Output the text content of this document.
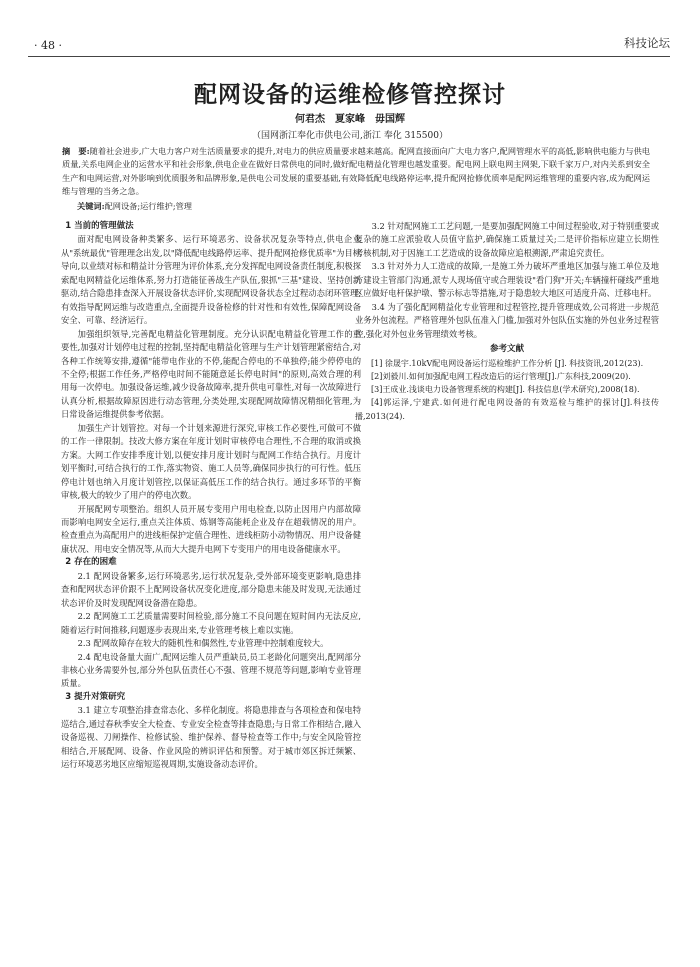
· 48 ·	科技论坛
配网设备的运维检修管控探讨
何君杰　夏家峰　毋国辉
（国网浙江奉化市供电公司,浙江 奉化 315500）
摘　要:随着社会进步,广大电力客户对生活质量要求的提升,对电力的供应质量要求越来越高。配网直接面向广大电力客户,配网管理水平的高低,影响供电能力与供电质量,关系电网企业的运营水平和社会形象,供电企业在做好日常供电的同时,做好配电精益化管理也越发重要。配电网上联电网主网架,下联千家万户,对内关系到安全生产和电网运营,对外影响到优质服务和品牌形象,是供电公司发展的重要基础,有效降低配电线路停运率,提升配网抢修优质率是配网运维管理的重要内容,成为配网运维与管理的当务之急。
关键词:配网设备;运行维护;管理
1 当前的管理做法

面对配电网设备种类繁多、运行环境恶劣、设备状况复杂等特点,供电企业从"系统最优"管理理念出发,以"降低配电线路停运率、提升配网抢修优质率"为目标导向,以业绩对标和精益计分管理为评价体系,充分发挥配电网设备责任制度,积极探索配电网精益化运维体系,努力打造能征善战生产队伍,狠抓"三基"建设、坚持创新驱动,结合隐患排查深入开展设备状态评价,实现配网设备状态全过程动态闭环管理,有效指导配网运维与改造重点,全面提升设备检修的针对性和有效性,保障配网设备安全、可靠、经济运行。

加强组织领导,完善配电精益化管理制度。充分认识配电精益化管理工作的重要性,加强对计划停电过程的控制,坚持配电精益化管理与生产计划管理紧密结合,对各种工作统筹安排,遵循"能带电作业的不停,能配合停电的不单独停;能少停停电的不全停;根据工作任务,严格停电时间不能随意延长停电时间"的原则,高效合理的利用每一次停电。加强设备运维,减少设备故障率,提升供电可靠性,对每一次故障进行认真分析,根据故障原因进行动态管理,分类处理,实现配网故障情况精细化管理,为日常设备运维提供参考依据。

加强生产计划管控。对每一个计划来源进行深究,审核工作必要性,可做可不做的工作一律限制。技改大修方案在年度计划时审核停电合理性,不合理的取消或换方案。大网工作安排季度计划,以便安排月度计划时与配网工作结合执行。月度计划平衡时,可结合执行的工作,落实物资、施工人员等,确保同步执行的可行性。低压停电计划也纳入月度计划管控,以保证高低压工作的结合执行。通过多环节的平衡审核,极大的较少了用户的停电次数。

开展配网专项整治。组织人员开展专变用户用电检查,以防止因用户内部故障而影响电网安全运行,重点关注体质、炼钢等高能耗企业及存在超载情况的用户。检查重点为高配用户的进线柜保护定值合理性、进线柜防小动物情况、用户设备健康状况、用电安全情况等,从而大大提升电网下专变用户的用电设备健康水平。

2 存在的困难

2.1 配网设备繁多,运行环境恶劣,运行状况复杂,受外部环境变更影响,隐患排查和配网状态评价跟不上配网设备状况变化进度,部分隐患未能及时发现,无法通过状态评价及时发现配网设备潜在隐患。

2.2 配网施工工艺质量需要时间检验,部分施工不良问题在短时间内无法反应,随着运行时间推移,问题逐步表现出来,专业管理考核上难以实施。

2.3 配网故障存在较大的随机性和偶然性,专业管理中控制难度较大。

2.4 配电设备量大面广,配网运维人员严重缺员,员工老龄化问题突出,配网部分非核心业务需要外包,部分外包队伍责任心不强、管理不规范等问题,影响专业管理质量。

3 提升对策研究

3.1 建立专项整治排查常态化、多样化制度。将隐患排查与各项检查和保电特巡结合,通过春秋季安全大检查、专业安全检查等排查隐患;与日常工作相结合,融入设备巡视、刀闸操作、检修试验、维护保养、督导检查等工作中;与安全风险管控相结合,开展配网、设备、作业风险的辨识评估和预警。对于城市郊区拆迁频繁、运行环境恶劣地区应缩短巡视周期,实施设备动态评价。

3.2 针对配网施工工艺问题,一是要加强配网施工中间过程验收,对于特别重要或复杂的施工应派验收人员值守监护,确保施工质量过关;二是评价指标应建立长期性考核机制,对于因施工工艺造成的设备故障应追根溯源,严肃追究责任。

3.3 针对外力人工造成的故障,一是施工外力破坏严重地区加强与施工单位及地方建设主管部门沟通,派专人现场值守或合理装设"看门狗"开关;车辆撞杆碰线严重地区应做好电杆保护墩、警示标志等措施,对于隐患较大地区可适度升高、迁移电杆。

3.4 为了强化配网精益化专业管理和过程管控,提升管理成效,公司将进一步规范业务外包流程。严格管理外包队伍准入门槛,加强对外包队伍实施的外包业务过程管控,强化对外包业务管理绩效考核。

参考文献

[1] 徐晟宇.10kV配电网设备运行巡检维护工作分析 [J]. 科技资讯,2012(23).

[2]刘毅川.如何加强配电网工程改造后的运行管理[J].广东科技,2009(20).

[3]王成业.浅谈电力设备管理系统的构建[J]. 科技信息(学术研究),2008(18).

[4]郭运泽,宁建武.如何进行配电网设备的有效巡检与维护的探讨[J].科技传播,2013(24).
